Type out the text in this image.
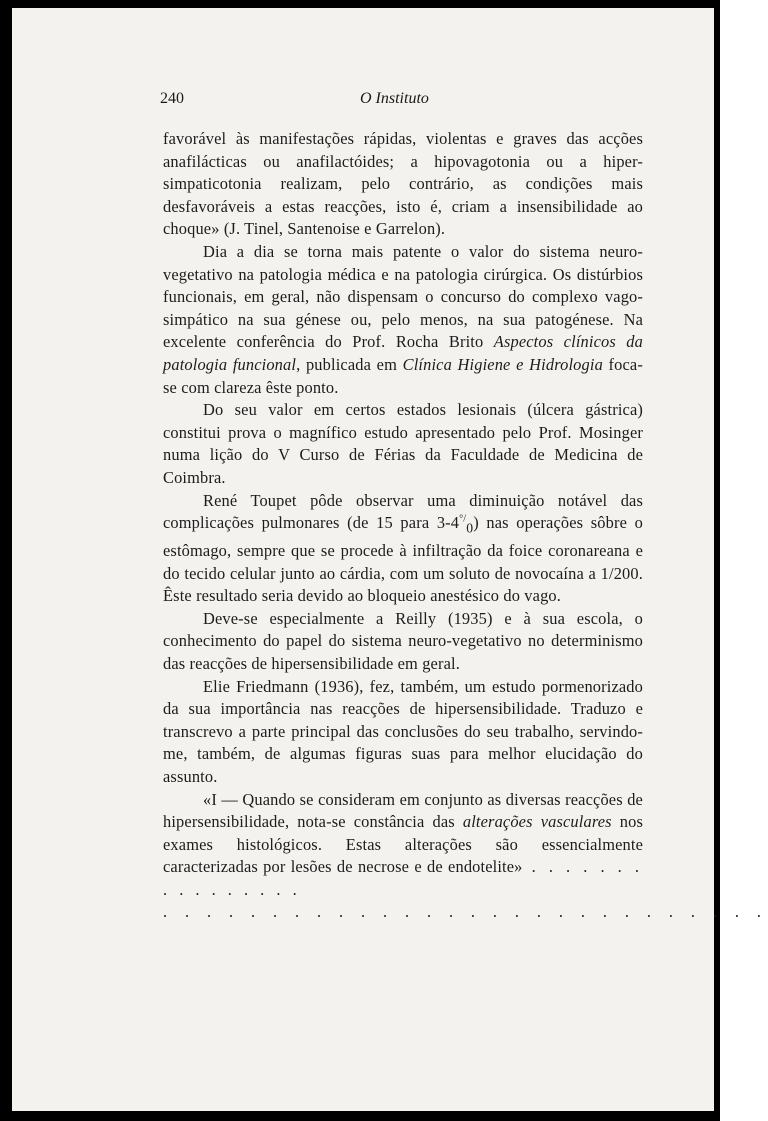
240	O Instituto

favorável às manifestações rápidas, violentas e graves das acções anafilácticas ou anafilactóides; a hipovagotonia ou a hiper-simpaticotonia realizam, pelo contrário, as condições mais desfavoráveis a estas reacções, isto é, criam a insensibilidade ao choque» (J. Tinel, Santenoise e Garrelon).

Dia a dia se torna mais patente o valor do sistema neuro-vegetativo na patologia médica e na patologia cirúrgica. Os distúrbios funcionais, em geral, não dispensam o concurso do complexo vago-simpático na sua génese ou, pelo menos, na sua patogénese. Na excelente conferência do Prof. Rocha Brito Aspectos clínicos da patologia funcional, publicada em Clínica Higiene e Hidrologia foca-se com clareza êste ponto.

Do seu valor em certos estados lesionais (úlcera gástrica) constitui prova o magnífico estudo apresentado pelo Prof. Mosinger numa lição do V Curso de Férias da Faculdade de Medicina de Coimbra.

René Toupet pôde observar uma diminuição notável das complicações pulmonares (de 15 para $3-4^{^\circ/}_0$) nas operações sôbre o estômago, sempre que se procede à infiltração da foice coronareana e do tecido celular junto ao cárdia, com um soluto de novocaína a 1/200. Êste resultado seria devido ao bloqueio anestésico do vago.

Deve-se especialmente a Reilly (1935) e à sua escola, o conhecimento do papel do sistema neuro-vegetativo no determinismo das reacções de hipersensibilidade em geral.

Elie Friedmann (1936), fez, também, um estudo pormenorizado da sua importância nas reacções de hipersensibilidade. Traduzo e transcrevo a parte principal das conclusões do seu trabalho, servindo-me, também, de algumas figuras suas para melhor elucidação do assunto.

«I — Quando se consideram em conjunto as diversas reacções de hipersensibilidade, nota-se constância das alterações vasculares nos exames histológicos. Estas alterações são essencialmente caracterizadas por lesões de necrose e de endotelite» . . . . . . . . . . . . . . . .

. . . . . . . . . . . . . . . . . . . . . . . . . . . .
